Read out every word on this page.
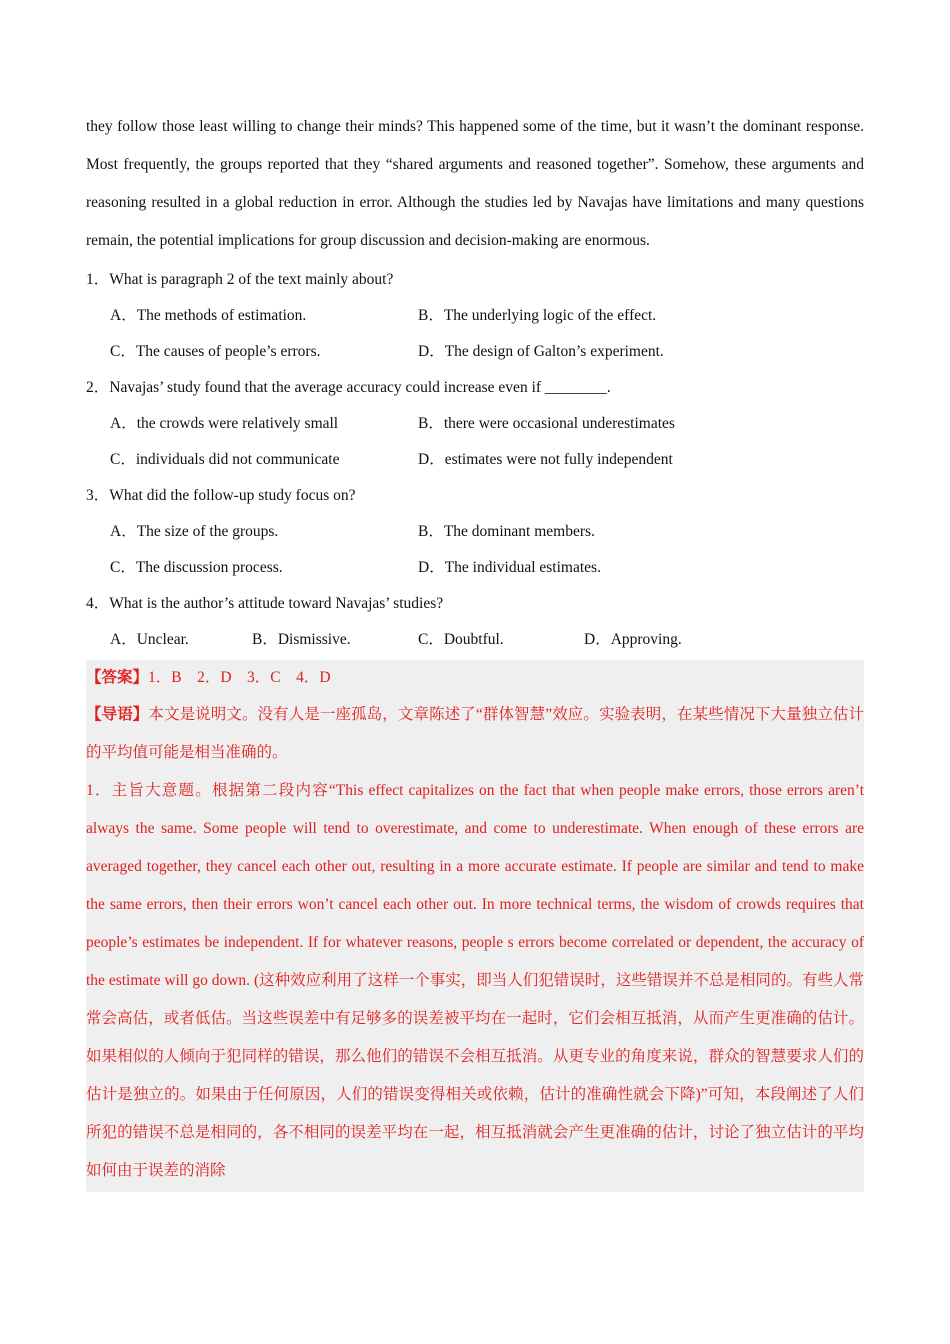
they follow those least willing to change their minds? This happened some of the time, but it wasn’t the dominant response. Most frequently, the groups reported that they “shared arguments and reasoned together”. Somehow, these arguments and reasoning resulted in a global reduction in error. Although the studies led by Navajas have limitations and many questions remain, the potential implications for group discussion and decision-making are enormous.

1．What is paragraph 2 of the text mainly about?

A．The methods of estimation.	B．The underlying logic of the effect.
C．The causes of people’s errors.	D．The design of Galton’s experiment.

2．Navajas’ study found that the average accuracy could increase even if ________.

A．the crowds were relatively small	B．there were occasional underestimates
C．individuals did not communicate	D．estimates were not fully independent

3．What did the follow-up study focus on?

A．The size of the groups.	B．The dominant members.
C．The discussion process.	D．The individual estimates.

4．What is the author’s attitude toward Navajas’ studies?

A．Unclear.	B．Dismissive.	C．Doubtful.	D．Approving.

【答案】1．B　2．D　3．C　4．D

【导语】本文是说明文。没有人是一座孤岛，文章陈述了“群体智慧”效应。实验表明，在某些情况下大量独立估计的平均值可能是相当准确的。

1．主旨大意题。根据第二段内容“This effect capitalizes on the fact that when people make errors, those errors aren’t always the same. Some people will tend to overestimate, and come to underestimate. When enough of these errors are averaged together, they cancel each other out, resulting in a more accurate estimate. If people are similar and tend to make the same errors, then their errors won’t cancel each other out. In more technical terms, the wisdom of crowds requires that people’s estimates be independent. If for whatever reasons, people s errors become correlated or dependent, the accuracy of the estimate will go down. (这种效应利用了这样一个事实，即当人们犯错误时，这些错误并不总是相同的。有些人常常会高估，或者低估。当这些误差中有足够多的误差被平均在一起时，它们会相互抵消，从而产生更准确的估计。如果相似的人倾向于犯同样的错误，那么他们的错误不会相互抵消。从更专业的角度来说，群众的智慧要求人们的估计是独立的。如果由于任何原因，人们的错误变得相关或依赖，估计的准确性就会下降)”可知，本段阐述了人们所犯的错误不总是相同的，各不相同的误差平均在一起，相互抵消就会产生更准确的估计，讨论了独立估计的平均如何由于误差的消除
